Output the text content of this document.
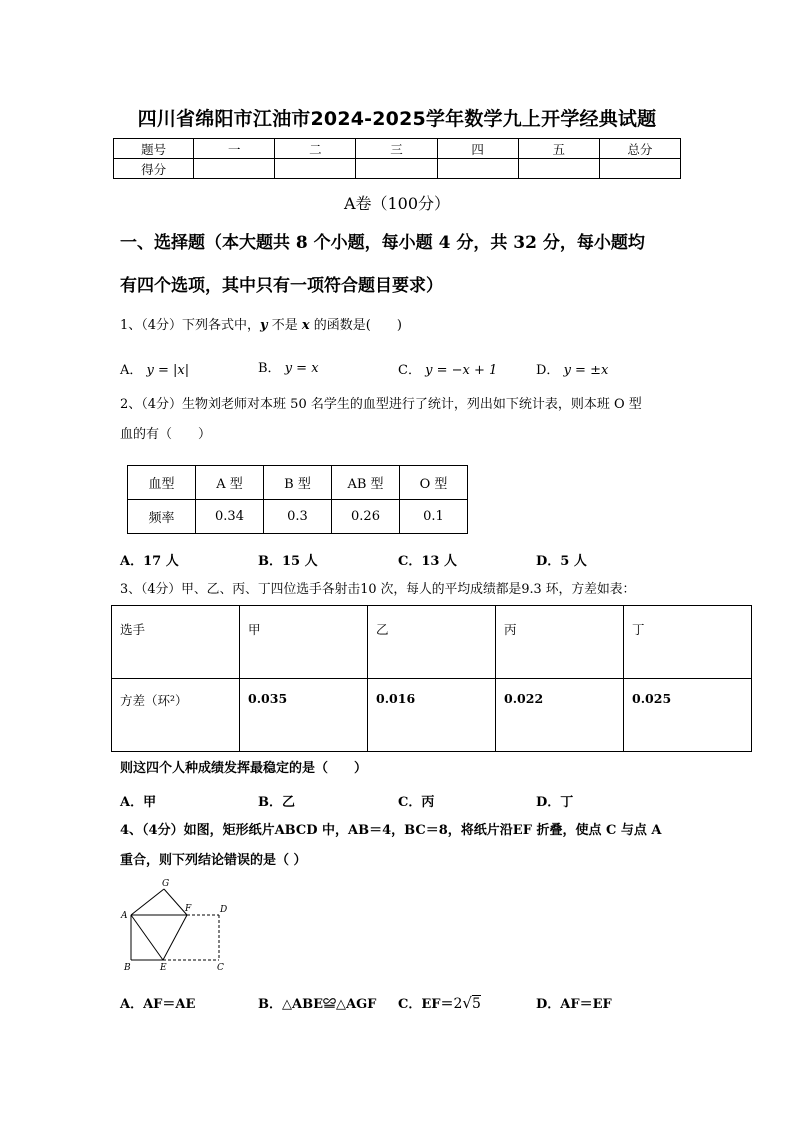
四川省绵阳市江油市2024-2025学年数学九上开学经典试题
题号	一	二	三	四	五	总分
得分						
A卷（100分）
一、选择题（本大题共 8 个小题，每小题 4 分，共 32 分，每小题均
有四个选项，其中只有一项符合题目要求）
1、（4分）下列各式中，y 不是 x 的函数是(　　)
A． y = |x|	B． y = x	C． y = −x + 1	D． y = ±x
2、（4分）生物刘老师对本班 50 名学生的血型进行了统计，列出如下统计表，则本班 O 型
血的有（　　）
血型	A 型	B 型	AB 型	O 型
频率	0.34	0.3	0.26	0.1
A．17 人	B．15 人	C．13 人	D．5 人
3、（4分）甲、乙、丙、丁四位选手各射击10 次，每人的平均成绩都是9.3 环，方差如表：
选手	甲	乙	丙	丁

方差（环²）	0.035	0.016	0.022	0.025
则这四个人种成绩发挥最稳定的是（　　）
A．甲	B．乙	C．丙	D．丁
4、（4分）如图，矩形纸片ABCD 中，AB＝4，BC＝8，将纸片沿EF 折叠，使点 C 与点 A
重合，则下列结论错误的是（ ）
G
A
F	D
B	E	C
A．AF＝AE	B．△ABE≌△AGF C．EF＝2√5	D．AF＝EF
